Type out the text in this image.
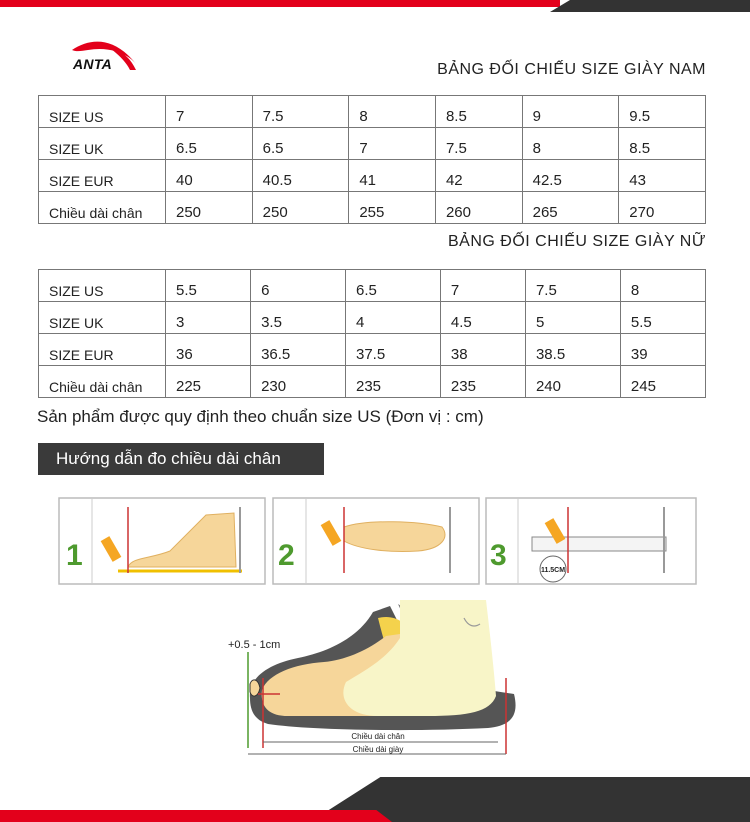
ANTA	BẢNG ĐỐI CHIẾU SIZE GIÀY NAM
SIZE US	7	7.5	8	8.5	9	9.5
SIZE UK	6.5	6.5	7	7.5	8	8.5
SIZE EUR	40	40.5	41	42	42.5	43
Chiều dài chân	250	250	255	260	265	270
BẢNG ĐỐI CHIẾU SIZE GIÀY NỮ
SIZE US	5.5	6	6.5	7	7.5	8
SIZE UK	3	3.5	4	4.5	5	5.5
SIZE EUR	36	36.5	37.5	38	38.5	39
Chiều dài chân	225	230	235	235	240	245
Sản phẩm được quy định theo chuẩn size US (Đơn vị : cm)
Hướng dẫn đo chiều dài chân
1	2	3	11.5CM
+0.5 - 1cm
Chiều dài chân
Chiều dài giày
